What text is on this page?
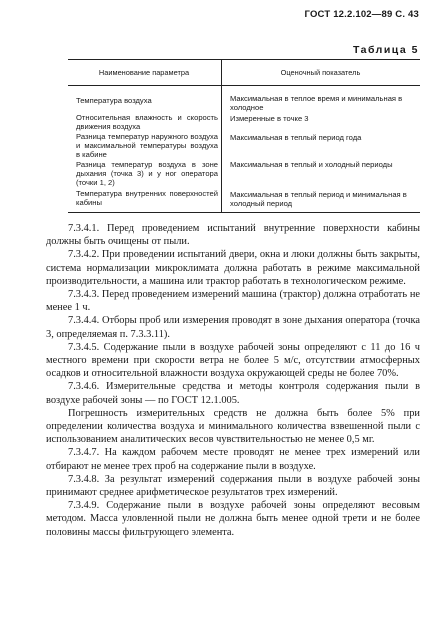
ГОСТ 12.2.102—89 С. 43
Таблица 5
Наименование параметра	Оценочный показатель
Температура воздуха	Максимальная в теплое время и минимальная в холодное
Относительная влажность и скорость движения воздуха
Измеренные в точке 3
Разница температур наружного воздуха и максимальной температуры воздуха в кабине
Максимальная в теплый период года
Разница температур воздуха в зоне дыхания (точка 3) и у ног оператора (точки 1, 2)
Максимальная в теплый и холодный периоды
Температура внутренних поверхностей кабины
Максимальная в теплый период и минимальная в холодный период

7.3.4.1. Перед проведением испытаний внутренние поверхности кабины должны быть очищены от пыли.

7.3.4.2. При проведении испытаний двери, окна и люки должны быть закрыты, система нормализации микроклимата должна работать в режиме максимальной производительности, а машина или трактор работать в технологическом режиме.

7.3.4.3. Перед проведением измерений машина (трактор) должна отработать не менее 1 ч.

7.3.4.4. Отборы проб или измерения проводят в зоне дыхания оператора (точка 3, определяемая п. 7.3.3.11).

7.3.4.5. Содержание пыли в воздухе рабочей зоны определяют с 11 до 16 ч местного времени при скорости ветра не более 5 м/с, отсутствии атмосферных осадков и относительной влажности воздуха окружающей среды не более 70%.

7.3.4.6. Измерительные средства и методы контроля содержания пыли в воздухе рабочей зоны — по ГОСТ 12.1.005.

Погрешность измерительных средств не должна быть более 5% при определении количества воздуха и минимального количества взвешенной пыли с использованием аналитических весов чувствительностью не менее 0,5 мг.

7.3.4.7. На каждом рабочем месте проводят не менее трех измерений или отбирают не менее трех проб на содержание пыли в воздухе.

7.3.4.8. За результат измерений содержания пыли в воздухе рабочей зоны принимают среднее арифметическое результатов трех измерений.

7.3.4.9. Содержание пыли в воздухе рабочей зоны определяют весовым методом. Масса уловленной пыли не должна быть менее одной трети и не более половины массы фильтрующего элемента.
